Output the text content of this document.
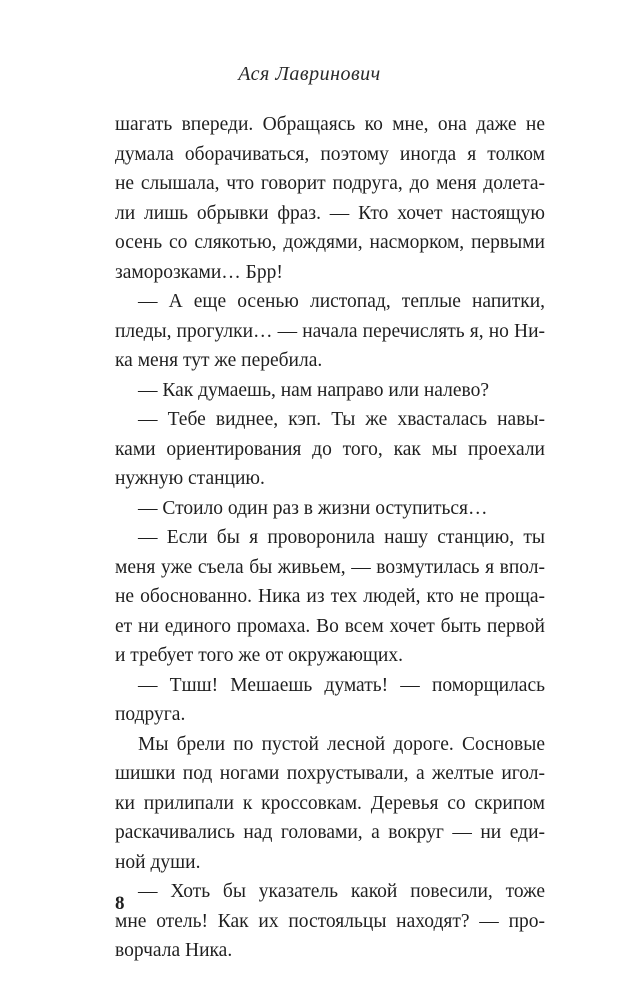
Ася Лавринович
шагать впереди. Обращаясь ко мне, она даже не
думала оборачиваться, поэтому иногда я толком
не слышала, что говорит подруга, до меня долета-
ли лишь обрывки фраз. — Кто хочет настоящую
осень со слякотью, дождями, насморком, первыми
заморозками… Брр!
— А еще осенью листопад, теплые напитки,
пледы, прогулки… — начала перечислять я, но Ни-
ка меня тут же перебила.
— Как думаешь, нам направо или налево?
— Тебе виднее, кэп. Ты же хвасталась навы-
ками ориентирования до того, как мы проехали
нужную станцию.
— Стоило один раз в жизни оступиться…
— Если бы я проворонила нашу станцию, ты
меня уже съела бы живьем, — возмутилась я впол-
не обоснованно. Ника из тех людей, кто не проща-
ет ни единого промаха. Во всем хочет быть первой
и требует того же от окружающих.
— Тшш! Мешаешь думать! — поморщилась
подруга.
Мы брели по пустой лесной дороге. Сосновые
шишки под ногами похрустывали, а желтые игол-
ки прилипали к кроссовкам. Деревья со скрипом
раскачивались над головами, а вокруг — ни еди-
ной души.
— Хоть бы указатель какой повесили, тоже
мне отель! Как их постояльцы находят? — про-
ворчала Ника.
8
